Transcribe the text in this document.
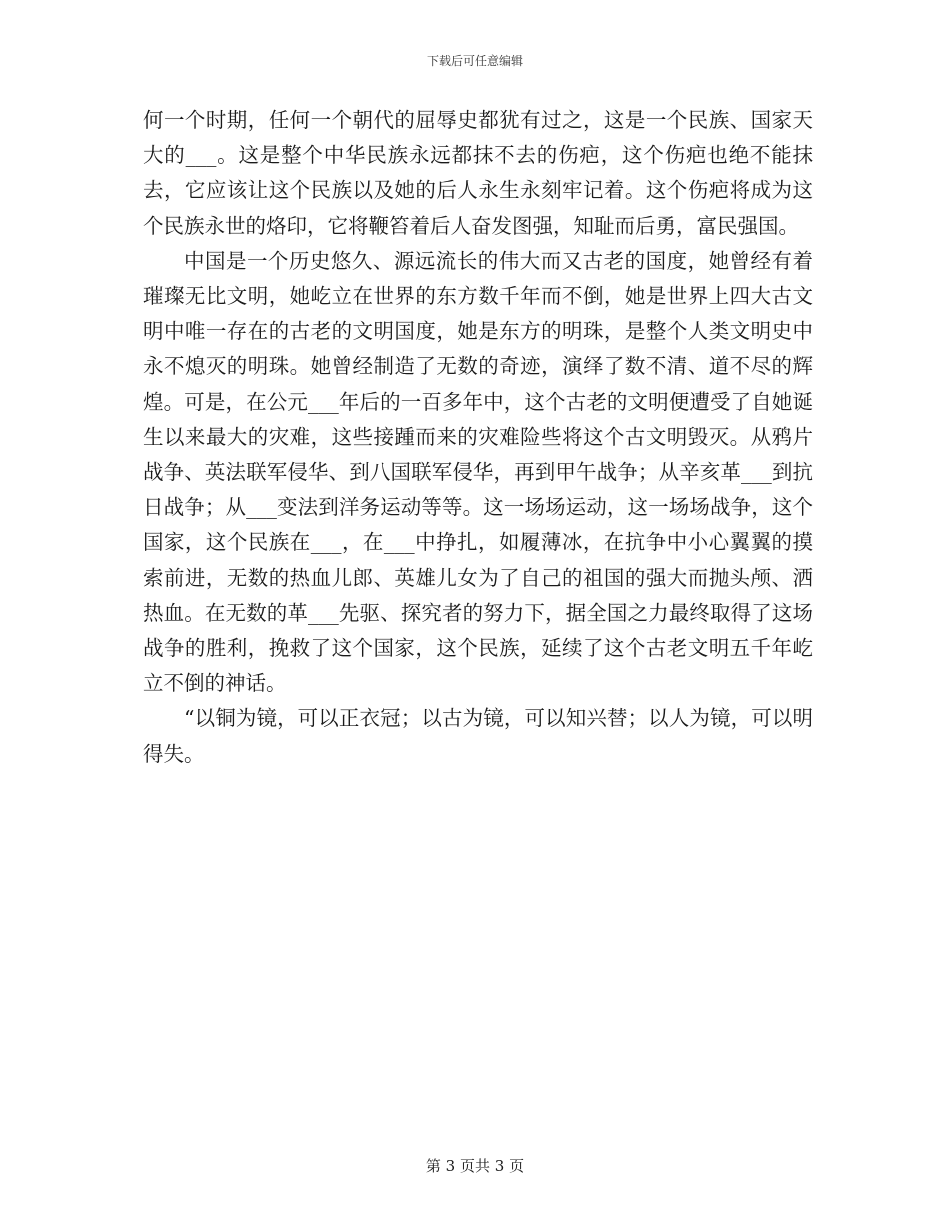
下载后可任意编辑

何一个时期，任何一个朝代的屈辱史都犹有过之，这是一个民族、国家天大的___。这是整个中华民族永远都抹不去的伤疤，这个伤疤也绝不能抹去，它应该让这个民族以及她的后人永生永刻牢记着。这个伤疤将成为这个民族永世的烙印，它将鞭笞着后人奋发图强，知耻而后勇，富民强国。

中国是一个历史悠久、源远流长的伟大而又古老的国度，她曾经有着璀璨无比文明，她屹立在世界的东方数千年而不倒，她是世界上四大古文明中唯一存在的古老的文明国度，她是东方的明珠，是整个人类文明史中永不熄灭的明珠。她曾经制造了无数的奇迹，演绎了数不清、道不尽的辉煌。可是，在公元___年后的一百多年中，这个古老的文明便遭受了自她诞生以来最大的灾难，这些接踵而来的灾难险些将这个古文明毁灭。从鸦片战争、英法联军侵华、到八国联军侵华，再到甲午战争；从辛亥革___到抗日战争；从___变法到洋务运动等等。这一场场运动，这一场场战争，这个国家，这个民族在___，在___中挣扎，如履薄冰，在抗争中小心翼翼的摸索前进，无数的热血儿郎、英雄儿女为了自己的祖国的强大而抛头颅、洒热血。在无数的革___先驱、探究者的努力下，据全国之力最终取得了这场战争的胜利，挽救了这个国家，这个民族，延续了这个古老文明五千年屹立不倒的神话。

“以铜为镜，可以正衣冠；以古为镜，可以知兴替；以人为镜，可以明得失。

第 3 页共 3 页
